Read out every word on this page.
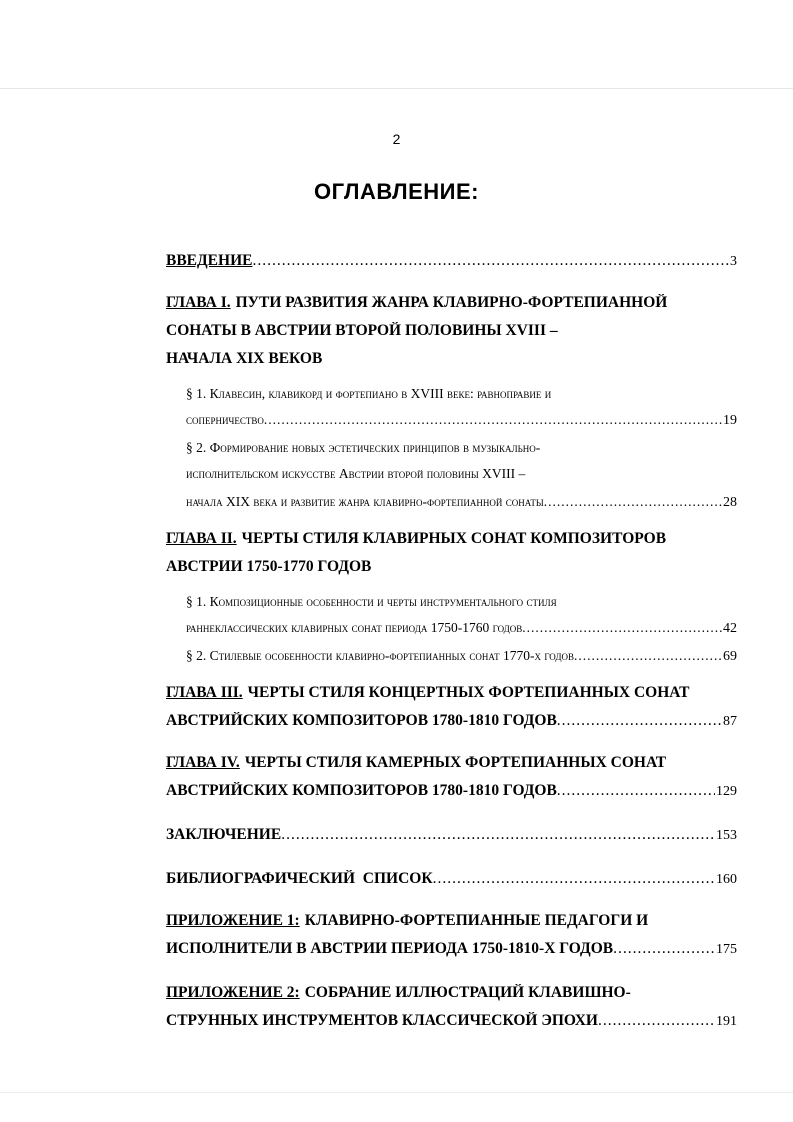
2
ОГЛАВЛЕНИЕ:
ВВЕДЕНИЕ .....	3
ГЛАВА I. ПУТИ РАЗВИТИЯ ЖАНРА КЛАВИРНО-ФОРТЕПИАННОЙ
СОНАТЫ В АВСТРИИ ВТОРОЙ ПОЛОВИНЫ XVIII –
НАЧАЛА XIX ВЕКОВ
§ 1. Клавесин, клавикорд и фортепиано в XVIII веке: равноправие и
соперничество .....	19
§ 2. Формирование новых эстетических принципов в музыкально-
исполнительском искусстве Австрии второй половины XVIII –
начала XIX века и развитие жанра клавирно-фортепианной сонаты .....	28
ГЛАВА II. ЧЕРТЫ СТИЛЯ КЛАВИРНЫХ СОНАТ КОМПОЗИТОРОВ
АВСТРИИ 1750-1770 ГОДОВ
§ 1. Композиционные особенности и черты инструментального стиля
раннеклассических клавирных сонат периода 1750-1760 годов .....	42
§ 2. Стилевые особенности клавирно-фортепианных сонат 1770-х годов .....	69
ГЛАВА III. ЧЕРТЫ СТИЛЯ КОНЦЕРТНЫХ ФОРТЕПИАННЫХ СОНАТ
АВСТРИЙСКИХ КОМПОЗИТОРОВ 1780-1810 ГОДОВ .....	87
ГЛАВА IV. ЧЕРТЫ СТИЛЯ КАМЕРНЫХ ФОРТЕПИАННЫХ СОНАТ
АВСТРИЙСКИХ КОМПОЗИТОРОВ 1780-1810 ГОДОВ .....	129
ЗАКЛЮЧЕНИЕ .....	153
БИБЛИОГРАФИЧЕСКИЙ  СПИСОК .....	160
ПРИЛОЖЕНИЕ 1: КЛАВИРНО-ФОРТЕПИАННЫЕ ПЕДАГОГИ И
ИСПОЛНИТЕЛИ В АВСТРИИ ПЕРИОДА 1750-1810-Х ГОДОВ .....	175
ПРИЛОЖЕНИЕ 2: СОБРАНИЕ ИЛЛЮСТРАЦИЙ КЛАВИШНО-
СТРУННЫХ ИНСТРУМЕНТОВ КЛАССИЧЕСКОЙ ЭПОХИ .....	191
